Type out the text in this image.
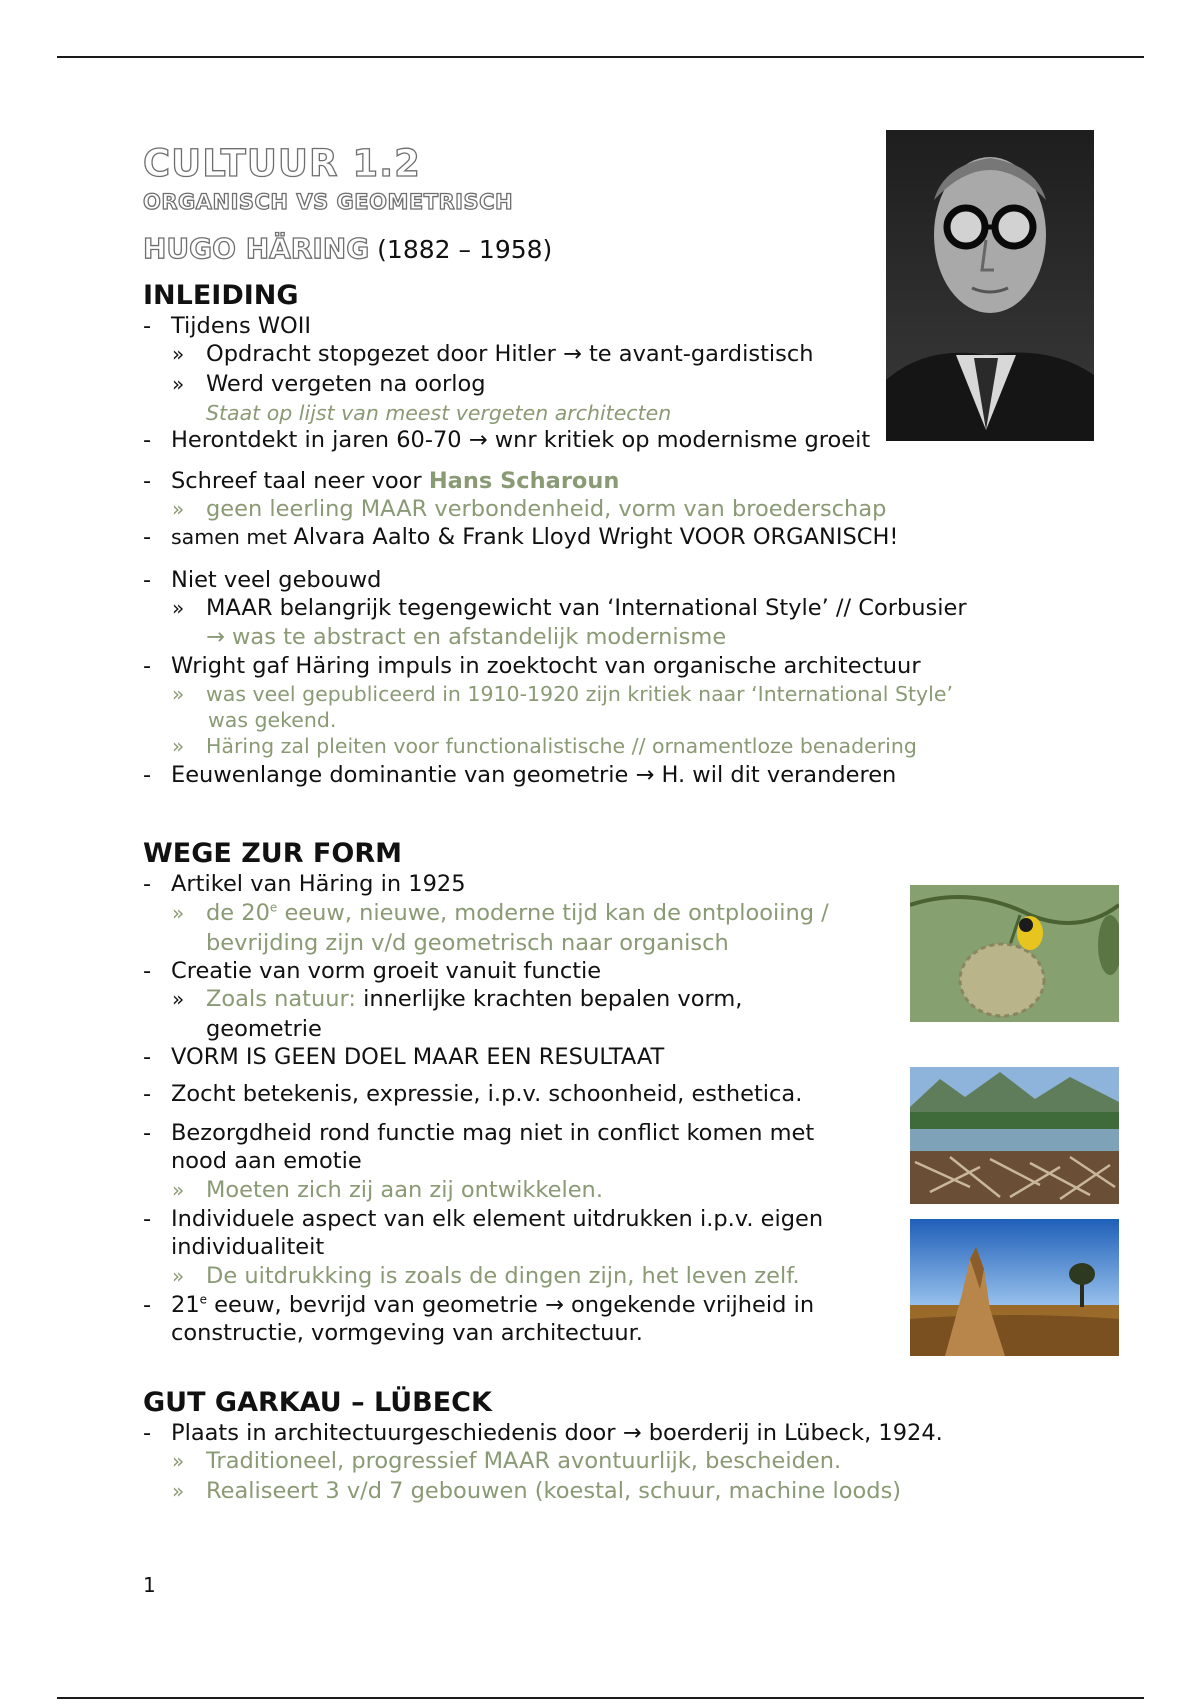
CULTUUR 1.2
ORGANISCH VS GEOMETRISCH
HUGO HÄRING (1882 – 1958)
INLEIDING
- Tijdens WOII
» Opdracht stopgezet door Hitler → te avant-gardistisch
» Werd vergeten na oorlog
Staat op lijst van meest vergeten architecten
- Herontdekt in jaren 60-70 → wnr kritiek op modernisme groeit
- Schreef taal neer voor Hans Scharoun
» geen leerling MAAR verbondenheid, vorm van broederschap
- samen met Alvara Aalto & Frank Lloyd Wright VOOR ORGANISCH!
- Niet veel gebouwd
» MAAR belangrijk tegengewicht van ‘International Style’ // Corbusier
→ was te abstract en afstandelijk modernisme
- Wright gaf Häring impuls in zoektocht van organische architectuur
» was veel gepubliceerd in 1910-1920 zijn kritiek naar ‘International Style’
was gekend.
» Häring zal pleiten voor functionalistische // ornamentloze benadering
- Eeuwenlange dominantie van geometrie → H. wil dit veranderen
WEGE ZUR FORM
- Artikel van Häring in 1925
» de 20e eeuw, nieuwe, moderne tijd kan de ontplooiing /
bevrijding zijn v/d geometrisch naar organisch
- Creatie van vorm groeit vanuit functie
» Zoals natuur: innerlijke krachten bepalen vorm,
geometrie
- VORM IS GEEN DOEL MAAR EEN RESULTAAT
- Zocht betekenis, expressie, i.p.v. schoonheid, esthetica.
- Bezorgdheid rond functie mag niet in conflict komen met
nood aan emotie
» Moeten zich zij aan zij ontwikkelen.
- Individuele aspect van elk element uitdrukken i.p.v. eigen
individualiteit
» De uitdrukking is zoals de dingen zijn, het leven zelf.
- 21e eeuw, bevrijd van geometrie → ongekende vrijheid in
constructie, vormgeving van architectuur.
GUT GARKAU – LÜBECK
- Plaats in architectuurgeschiedenis door → boerderij in Lübeck, 1924.
» Traditioneel, progressief MAAR avontuurlijk, bescheiden.
» Realiseert 3 v/d 7 gebouwen (koestal, schuur, machine loods)
1
